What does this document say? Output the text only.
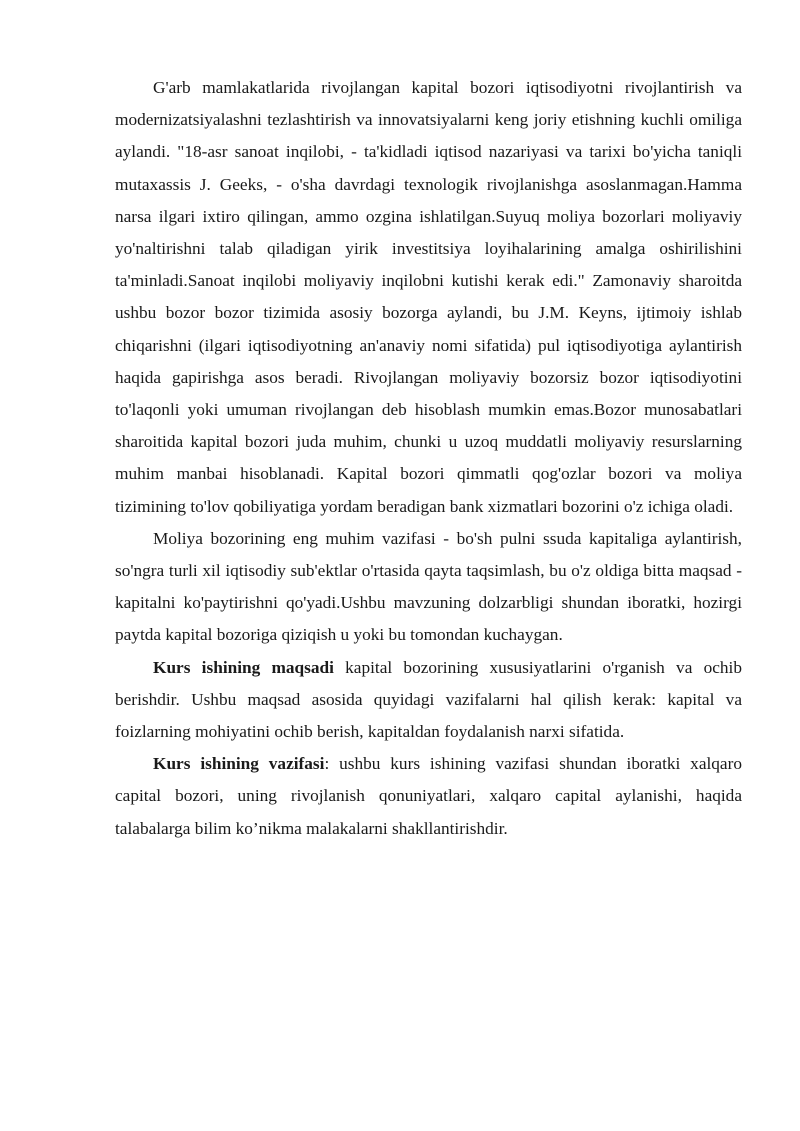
G'arb mamlakatlarida rivojlangan kapital bozori iqtisodiyotni rivojlantirish va modernizatsiyalashni tezlashtirish va innovatsiyalarni keng joriy etishning kuchli omiliga aylandi. "18-asr sanoat inqilobi, - ta'kidladi iqtisod nazariyasi va tarixi bo'yicha taniqli mutaxassis J. Geeks, - o'sha davrdagi texnologik rivojlanishga asoslanmagan.Hamma narsa ilgari ixtiro qilingan, ammo ozgina ishlatilgan.Suyuq moliya bozorlari moliyaviy yo'naltirishni talab qiladigan yirik investitsiya loyihalarining amalga oshirilishini ta'minladi.Sanoat inqilobi moliyaviy inqilobni kutishi kerak edi." Zamonaviy sharoitda ushbu bozor bozor tizimida asosiy bozorga aylandi, bu J.M. Keyns, ijtimoiy ishlab chiqarishni (ilgari iqtisodiyotning an'anaviy nomi sifatida) pul iqtisodiyotiga aylantirish haqida gapirishga asos beradi. Rivojlangan moliyaviy bozorsiz bozor iqtisodiyotini to'laqonli yoki umuman rivojlangan deb hisoblash mumkin emas.Bozor munosabatlari sharoitida kapital bozori juda muhim, chunki u uzoq muddatli moliyaviy resurslarning muhim manbai hisoblanadi. Kapital bozori qimmatli qog'ozlar bozori va moliya tizimining to'lov qobiliyatiga yordam beradigan bank xizmatlari bozorini o'z ichiga oladi.

Moliya bozorining eng muhim vazifasi - bo'sh pulni ssuda kapitaliga aylantirish, so'ngra turli xil iqtisodiy sub'ektlar o'rtasida qayta taqsimlash, bu o'z oldiga bitta maqsad - kapitalni ko'paytirishni qo'yadi.Ushbu mavzuning dolzarbligi shundan iboratki, hozirgi paytda kapital bozoriga qiziqish u yoki bu tomondan kuchaygan.

Kurs ishining maqsadi kapital bozorining xususiyatlarini o'rganish va ochib berishdir. Ushbu maqsad asosida quyidagi vazifalarni hal qilish kerak: kapital va foizlarning mohiyatini ochib berish, kapitaldan foydalanish narxi sifatida.

Kurs ishining vazifasi: ushbu kurs ishining vazifasi shundan iboratki xalqaro capital bozori, uning rivojlanish qonuniyatlari, xalqaro capital aylanishi, haqida talabalarga bilim ko’nikma malakalarni shakllantirishdir.
